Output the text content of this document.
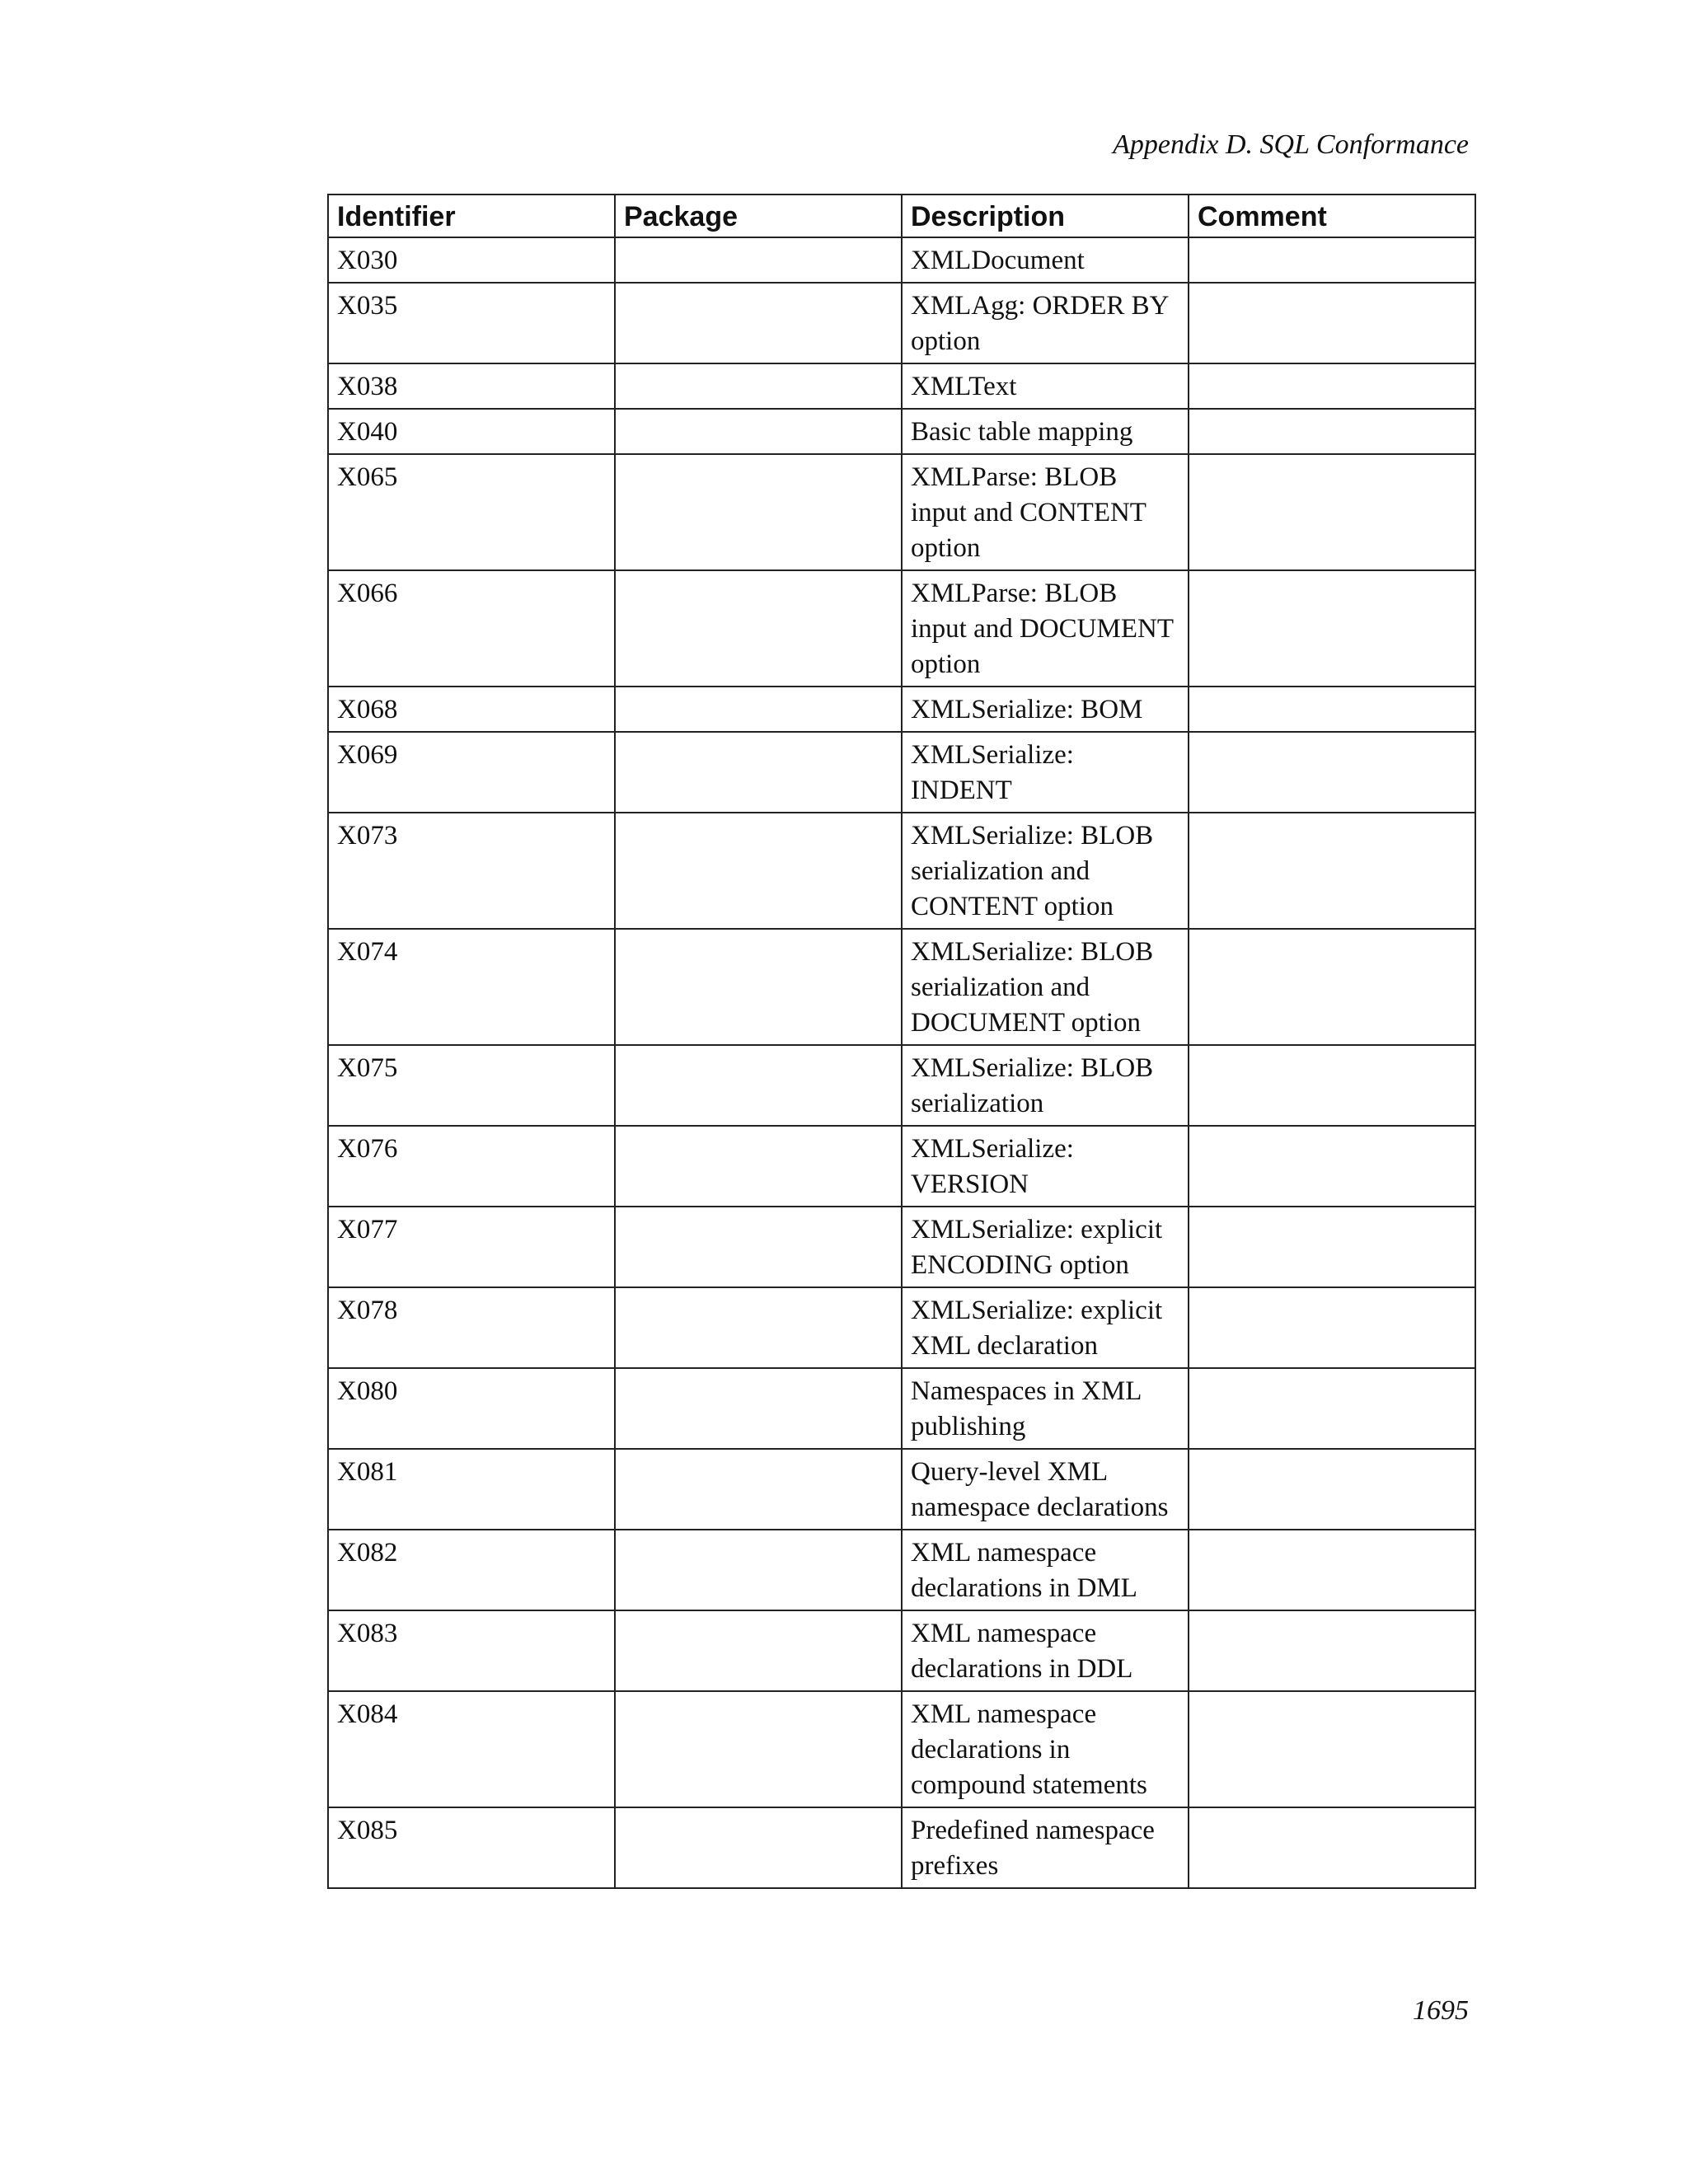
Appendix D. SQL Conformance
Identifier	Package	Description	Comment
X030		XMLDocument	
X035		XMLAgg: ORDER BY option	
X038		XMLText	
X040		Basic table mapping	
X065		XMLParse: BLOB input and CONTENT option	
X066		XMLParse: BLOB input and DOCUMENT option	
X068		XMLSerialize: BOM	
X069		XMLSerialize: INDENT	
X073		XMLSerialize: BLOB serialization and CONTENT option	
X074		XMLSerialize: BLOB serialization and DOCUMENT option	
X075		XMLSerialize: BLOB serialization	
X076		XMLSerialize: VERSION	
X077		XMLSerialize: explicit ENCODING option	
X078		XMLSerialize: explicit XML declaration	
X080		Namespaces in XML publishing	
X081		Query-level XML namespace declarations	
X082		XML namespace declarations in DML	
X083		XML namespace declarations in DDL	
X084		XML namespace declarations in compound statements	
X085		Predefined namespace prefixes	
1695
